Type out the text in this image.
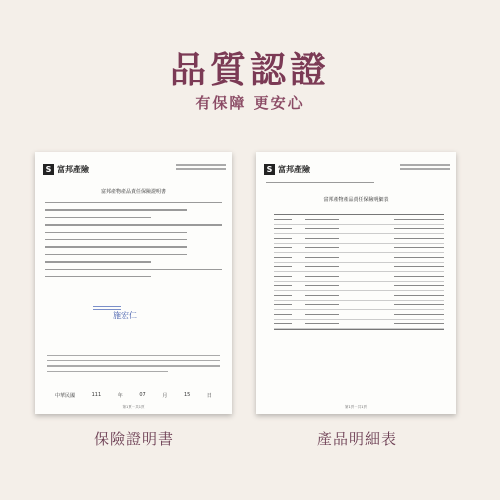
品質認證
有保障 更安心
S 富邦產險
富邦產物產品責任保險證明書
施宏仁
中華民國	111	年	07	月	15	日
第1頁－共1頁
S 富邦產險
富邦產物產品責任保險明細表
第1頁－共1頁
保險證明書	產品明細表
